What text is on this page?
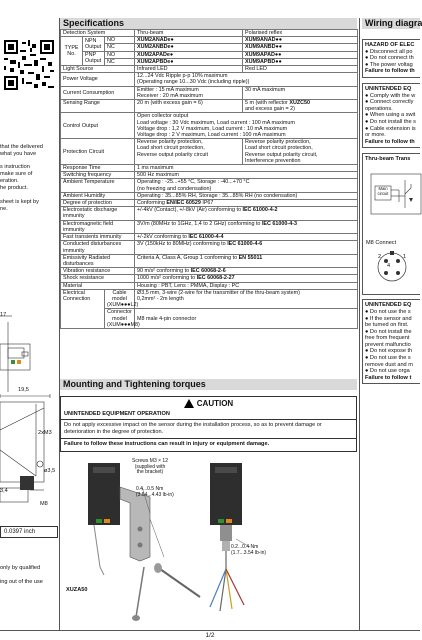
that the delivered
what you have
s instruction
make sure of
eration.
he product.
sheet is kept by
ne.
17
19,5
2xM3
ø3,5
3,4
M8
0.0397 inch
only by qualified
ing out of the use
Specifications
Detection System			Thru-beam	Polarised reflex
TYPE
No.	NPN
Output	NO	XUM2ANADe●	XUM9ANAD●●
		NC	XUM2ANBDe●	XUM9ANBD●●
	PNP
Output	NO	XUM2APADe●	XUM9APAD●●
		NC	XUM2APBDe●	XUM9APBD●●
Light Source			Infrared LED	Red LED
Power Voltage			12...24 Vdc Ripple p-p 10% maximum
(Operating range 10...30 Vdc (including ripple))	
Current Consumption			Emitter : 15 mA maximum
Receiver : 20 mA maximum	30 mA maximum
Sensing Range			20 m (with excess gain = 6)	5 m (with reflector XUZC50
and excess gain = 2)
Control Output			Open collector output
Load voltage : 30 Vdc maximum, Load current : 100 mA maximum
Voltage drop : 1,2 V maximum, Load current : 10 mA maximum
Voltage drop : 2 V maximum, Load current : 100 mA maximum	
Protection Circuit			Reverse polarity protection,
Load short circuit protection,
Reverse output polarity circuit	Reverse polarity protection,
Load short circuit protection,
Reverse output polarity circuit,
Interference prevention
Response Time			1 ms maximum	
Switching frequency			500 Hz maximum	
Ambient Temperature			Operating : -25...+55 °C, Storage : -40...+70 °C
(no freezing and condensation)	
Ambient Humidity			Operating : 35...85% RH, Storage : 35...85% RH (no condensation)	
Degree of protection			Conforming EN/IEC 60529 IP67	
Electrostatic discharge immunity			+/-4kV (Contact), +/-8kV (Air) conforming to IEC 61000-4-2	
Electromagnetic field immunity			3V/m (80MHz to 1GHz, 1,4 to 2 GHz) conforming to IEC 61000-4-3	
Fast transients immunity			+/-2kV conforming to IEC 61000-4-4	
Conducted disturbances immunity			3V (150kHz to 80MHz) conforming to IEC 61000-4-6	
Emissivity Radiated disturbances			Criteria A, Class A, Group 1 conforming to EN 55011	
Vibration resistance			90 m/s² conforming to IEC 60068-2-6	
Shock resistance			1000 m/s² conforming to IEC 60068-2-27	
Material			Housing : PBT, Lens : PMMA, Display : PC	
Electrical
Connection		Cable
model
(XUM●●●L2)	Ø3,5 mm, 3-wire (2-wire for the transmitter of the thru-beam system)
0,2mm² - 2m length	
		Connector
model
(XUM●●●M8)	M8 male 4-pin connector	
Mounting and Tightening torques
CAUTION
UNINTENDED EQUIPMENT OPERATION
Do not apply excessive impact on the sensor during the installation process, so as to prevent damage or deterioration in the degree of protection.
Failure to follow these instructions can result in injury or equipment damage.
Screws M3 × 12
(supplied with
the bracket)
0.4...0.5 Nm
(3.54...4.43 lb-in)
0.2...0.4 Nm
(1.7...3.54 lb-in)
XUZA50
Wiring diagra
HAZARD OF ELEC
● Disconnect all po
● Do not connect th
● The power voltag
Failure to follow th
UNINTENDED EQ
● Comply with the w
● Connect correctly
operations.
● When using a swit
● Do not install the s
● Cable extension is
or more.
Failure to follow th
Thru-beam Trans
Main
circuit
M8 Connect
2
4
1
UNINTENDED EQ
● Do not use the s
● If the sensor and
be turned on first.
● Do not install the
free from frequent
prevent malfunctio
● Do not expose th
● Do not use the s
remove dust and m
● Do not use orga
Failure to follow t
1/2
